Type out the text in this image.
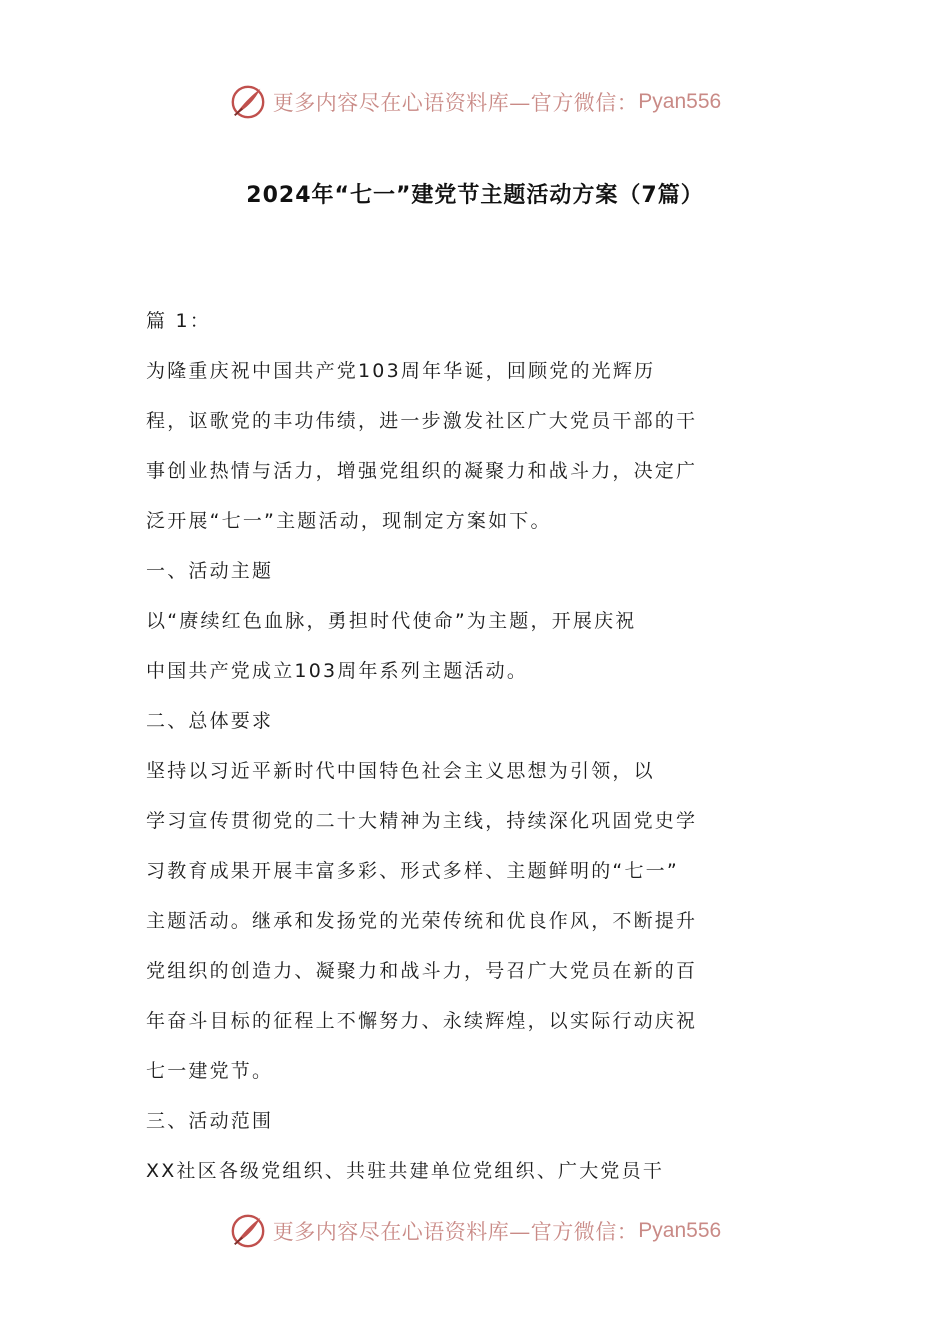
更多内容尽在心语资料库—官方微信： Pyan556
2024年“七一”建党节主题活动方案（7篇）
篇 1：
为隆重庆祝中国共产党103周年华诞，回顾党的光辉历
程，讴歌党的丰功伟绩，进一步激发社区广大党员干部的干
事创业热情与活力，增强党组织的凝聚力和战斗力，决定广
泛开展“七一”主题活动，现制定方案如下。
一、活动主题
以“赓续红色血脉，勇担时代使命”为主题，开展庆祝
中国共产党成立103周年系列主题活动。
二、总体要求
坚持以习近平新时代中国特色社会主义思想为引领，以
学习宣传贯彻党的二十大精神为主线，持续深化巩固党史学
习教育成果开展丰富多彩、形式多样、主题鲜明的“七一”
主题活动。继承和发扬党的光荣传统和优良作风，不断提升
党组织的创造力、凝聚力和战斗力，号召广大党员在新的百
年奋斗目标的征程上不懈努力、永续辉煌，以实际行动庆祝
七一建党节。
三、活动范围
XX社区各级党组织、共驻共建单位党组织、广大党员干
更多内容尽在心语资料库—官方微信： Pyan556
